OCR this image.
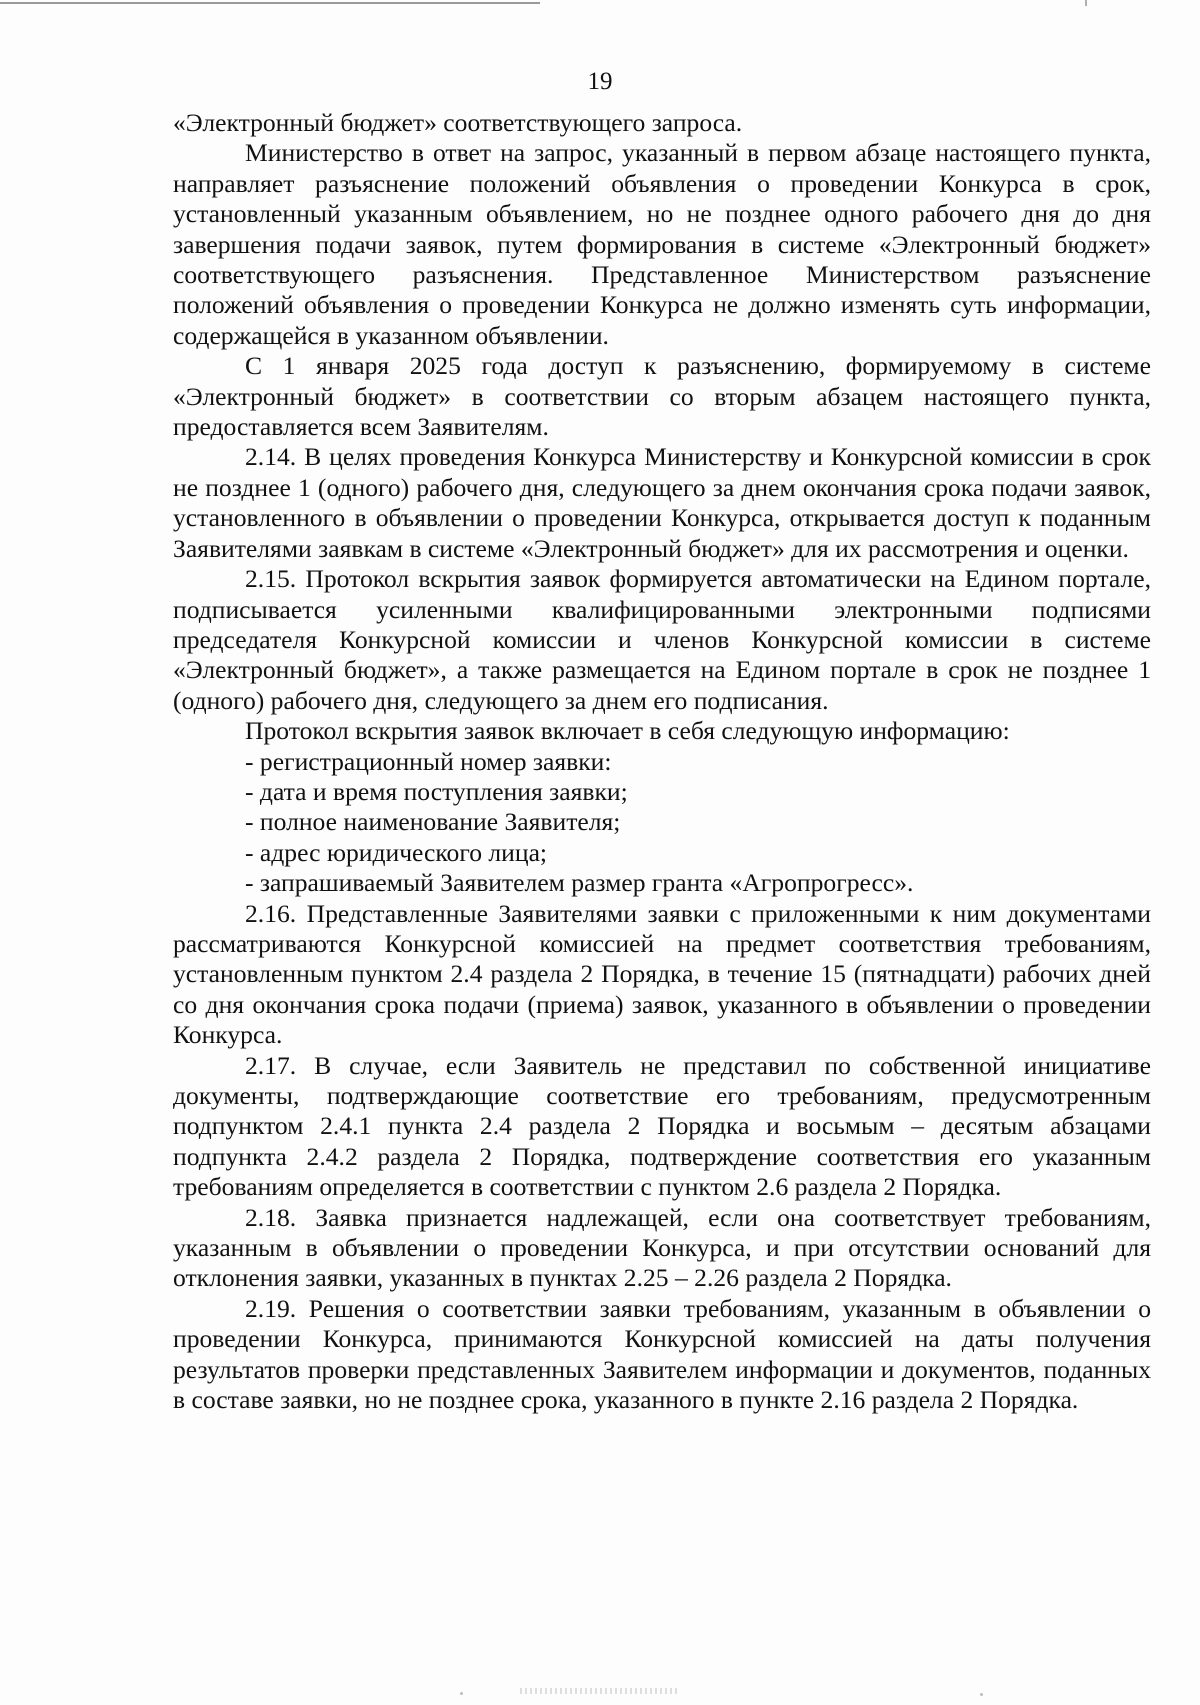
19

«Электронный бюджет» соответствующего запроса.

Министерство в ответ на запрос, указанный в первом абзаце настоящего пункта, направляет разъяснение положений объявления о проведении Конкурса в срок, установленный указанным объявлением, но не позднее одного рабочего дня до дня завершения подачи заявок, путем формирования в системе «Электронный бюджет» соответствующего разъяснения. Представленное Министерством разъяснение положений объявления о проведении Конкурса не должно изменять суть информации, содержащейся в указанном объявлении.

С 1 января 2025 года доступ к разъяснению, формируемому в системе «Электронный бюджет» в соответствии со вторым абзацем настоящего пункта, предоставляется всем Заявителям.

2.14. В целях проведения Конкурса Министерству и Конкурсной комиссии в срок не позднее 1 (одного) рабочего дня, следующего за днем окончания срока подачи заявок, установленного в объявлении о проведении Конкурса, открывается доступ к поданным Заявителями заявкам в системе «Электронный бюджет» для их рассмотрения и оценки.

2.15. Протокол вскрытия заявок формируется автоматически на Едином портале, подписывается усиленными квалифицированными электронными подписями председателя Конкурсной комиссии и членов Конкурсной комиссии в системе «Электронный бюджет», а также размещается на Едином портале в срок не позднее 1 (одного) рабочего дня, следующего за днем его подписания.

Протокол вскрытия заявок включает в себя следующую информацию:

- регистрационный номер заявки:

- дата и время поступления заявки;

- полное наименование Заявителя;

- адрес юридического лица;

- запрашиваемый Заявителем размер гранта «Агропрогресс».

2.16. Представленные Заявителями заявки с приложенными к ним документами рассматриваются Конкурсной комиссией на предмет соответствия требованиям, установленным пунктом 2.4 раздела 2 Порядка, в течение 15 (пятнадцати) рабочих дней со дня окончания срока подачи (приема) заявок, указанного в объявлении о проведении Конкурса.

2.17. В случае, если Заявитель не представил по собственной инициативе документы, подтверждающие соответствие его требованиям, предусмотренным подпунктом 2.4.1 пункта 2.4 раздела 2 Порядка и восьмым – десятым абзацами подпункта 2.4.2 раздела 2 Порядка, подтверждение соответствия его указанным требованиям определяется в соответствии с пунктом 2.6 раздела 2 Порядка.

2.18. Заявка признается надлежащей, если она соответствует требованиям, указанным в объявлении о проведении Конкурса, и при отсутствии оснований для отклонения заявки, указанных в пунктах 2.25 – 2.26 раздела 2 Порядка.

2.19. Решения о соответствии заявки требованиям, указанным в объявлении о проведении Конкурса, принимаются Конкурсной комиссией на даты получения результатов проверки представленных Заявителем информации и документов, поданных в составе заявки, но не позднее срока, указанного в пункте 2.16 раздела 2 Порядка.
